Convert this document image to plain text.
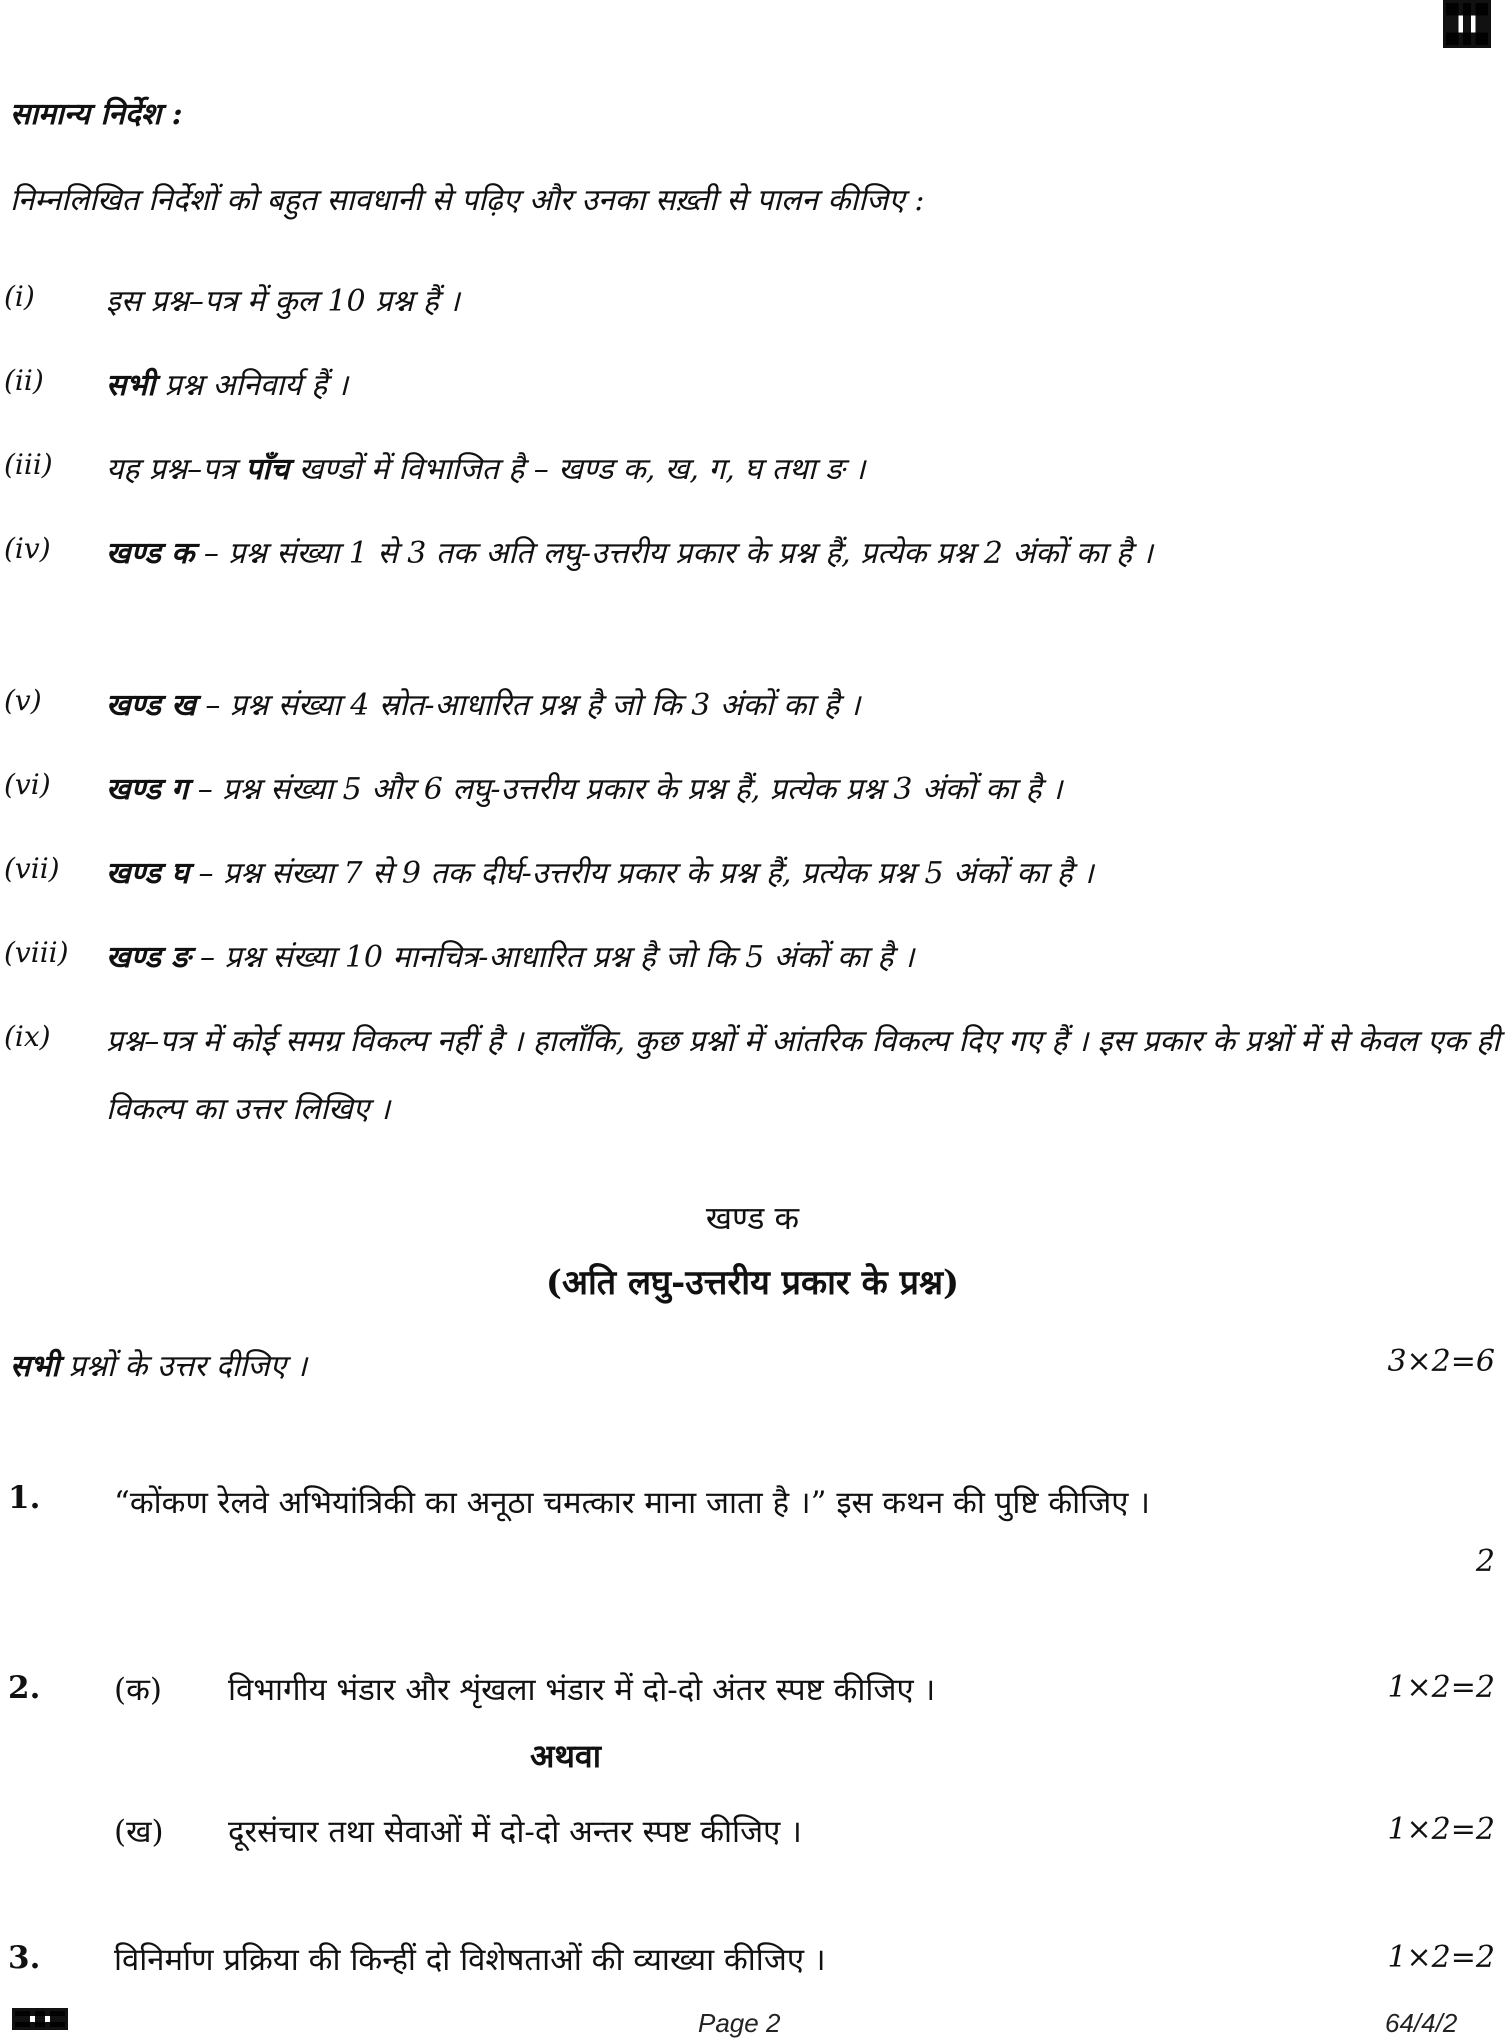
सामान्य निर्देश :
निम्नलिखित निर्देशों को बहुत सावधानी से पढ़िए और उनका सख़्ती से पालन कीजिए :
(i) इस प्रश्न–पत्र में कुल 10 प्रश्न हैं ।
(ii) सभी प्रश्न अनिवार्य हैं ।
(iii) यह प्रश्न–पत्र पाँच खण्डों में विभाजित है – खण्ड क, ख, ग, घ तथा ङ ।
(iv) खण्ड क – प्रश्न संख्या 1 से 3 तक अति लघु-उत्तरीय प्रकार के प्रश्न हैं, प्रत्येक प्रश्न 2 अंकों का है ।
(v) खण्ड ख – प्रश्न संख्या 4 स्रोत-आधारित प्रश्न है जो कि 3 अंकों का है ।
(vi) खण्ड ग – प्रश्न संख्या 5 और 6 लघु-उत्तरीय प्रकार के प्रश्न हैं, प्रत्येक प्रश्न 3 अंकों का है ।
(vii) खण्ड घ – प्रश्न संख्या 7 से 9 तक दीर्घ-उत्तरीय प्रकार के प्रश्न हैं, प्रत्येक प्रश्न 5 अंकों का है ।
(viii) खण्ड ङ – प्रश्न संख्या 10 मानचित्र-आधारित प्रश्न है जो कि 5 अंकों का है ।
(ix) प्रश्न–पत्र में कोई समग्र विकल्प नहीं है । हालाँकि, कुछ प्रश्नों में आंतरिक विकल्प दिए गए हैं । इस प्रकार के प्रश्नों में से केवल एक ही विकल्प का उत्तर लिखिए ।
खण्ड क
(अति लघु-उत्तरीय प्रकार के प्रश्न)
सभी प्रश्नों के उत्तर दीजिए ।	3×2=6
1. “कोंकण रेलवे अभियांत्रिकी का अनूठा चमत्कार माना जाता है ।” इस कथन की पुष्टि कीजिए ।
2
2. (क) विभागीय भंडार और शृंखला भंडार में दो-दो अंतर स्पष्ट कीजिए ।	1×2=2
अथवा
(ख) दूरसंचार तथा सेवाओं में दो-दो अन्तर स्पष्ट कीजिए ।	1×2=2
3. विनिर्माण प्रक्रिया की किन्हीं दो विशेषताओं की व्याख्या कीजिए ।	1×2=2
Page 2	64/4/2
